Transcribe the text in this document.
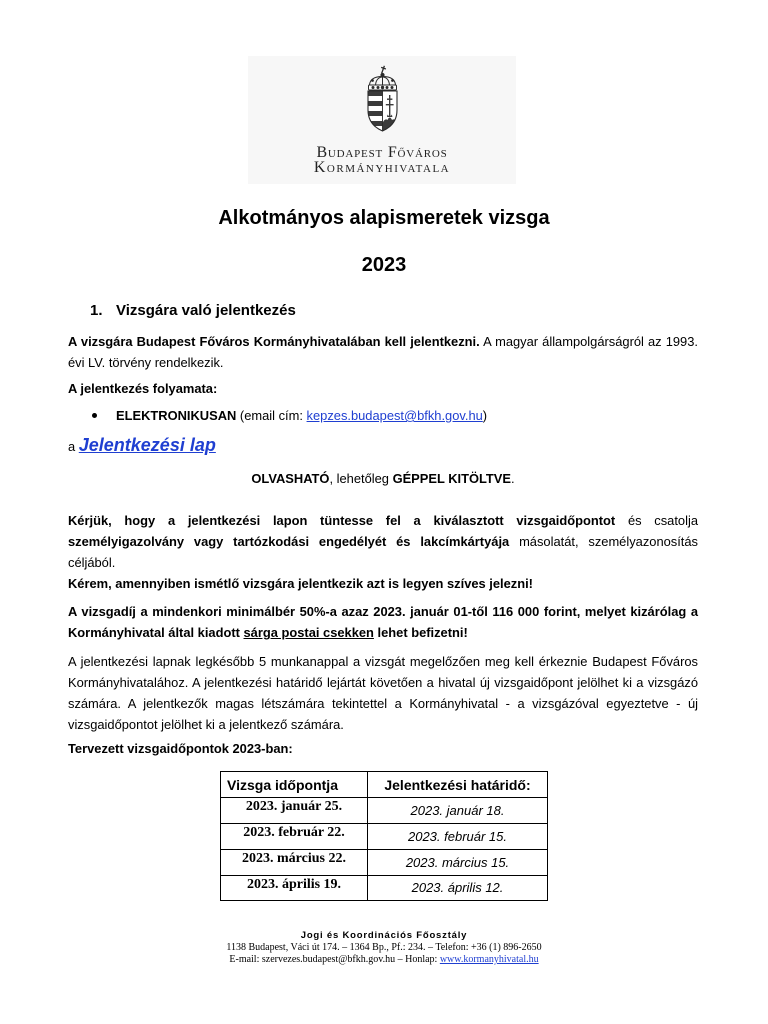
Budapest Főváros
Kormányhivatala
Alkotmányos alapismeretek vizsga
2023
1. Vizsgára való jelentkezés
A vizsgára Budapest Főváros Kormányhivatalában kell jelentkezni. A magyar állampolgárságról az 1993. évi LV. törvény rendelkezik.
A jelentkezés folyamata:
ELEKTRONIKUSAN (email cím: kepzes.budapest@bfkh.gov.hu)
a Jelentkezési lap
OLVASHATÓ, lehetőleg GÉPPEL KITÖLTVE.
Kérjük, hogy a jelentkezési lapon tüntesse fel a kiválasztott vizsgaidőpontot és csatolja személyigazolvány vagy tartózkodási engedélyét és lakcímkártyája másolatát, személyazonosítás céljából.
Kérem, amennyiben ismétlő vizsgára jelentkezik azt is legyen szíves jelezni!
A vizsgadíj a mindenkori minimálbér 50%-a azaz 2023. január 01-től 116 000 forint, melyet kizárólag a Kormányhivatal által kiadott sárga postai csekken lehet befizetni!
A jelentkezési lapnak legkésőbb 5 munkanappal a vizsgát megelőzően meg kell érkeznie Budapest Főváros Kormányhivatalához. A jelentkezési határidő lejártát követően a hivatal új vizsgaidőpont jelölhet ki a vizsgázó számára. A jelentkezők magas létszámára tekintettel a Kormányhivatal - a vizsgázóval egyeztetve - új vizsgaidőpontot jelölhet ki a jelentkező számára.
Tervezett vizsgaidőpontok 2023-ban:
Vizsga időpontja	Jelentkezési határidő:
2023. január 25.	2023. január 18.
2023. február 22.	2023. február 15.
2023. március 22.	2023. március 15.
2023. április 19.	2023. április 12.
Jogi és Koordinációs Főosztály
1138 Budapest, Váci út 174. – 1364 Bp., Pf.: 234. – Telefon: +36 (1) 896-2650
E-mail: szervezes.budapest@bfkh.gov.hu – Honlap: www.kormanyhivatal.hu
